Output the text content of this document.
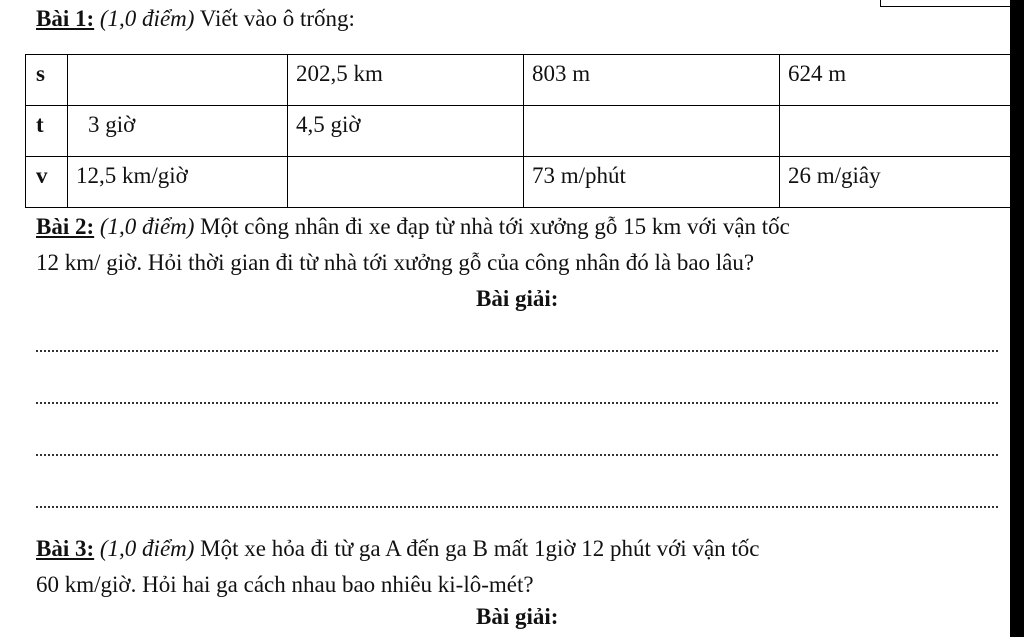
Bài 1: (1,0 điểm) Viết vào ô trống:
s		202,5 km	803 m	624 m
t	3 giờ	4,5 giờ		
v	12,5 km/giờ		73 m/phút	26 m/giây
Bài 2: (1,0 điểm) Một công nhân đi xe đạp từ nhà tới xưởng gỗ 15 km với vận tốc
12 km/ giờ. Hỏi thời gian đi từ nhà tới xưởng gỗ của công nhân đó là bao lâu?
Bài giải:
Bài 3: (1,0 điểm) Một xe hỏa đi từ ga A đến ga B mất 1giờ 12 phút với vận tốc
60 km/giờ. Hỏi hai ga cách nhau bao nhiêu ki-lô-mét?
Bài giải:
